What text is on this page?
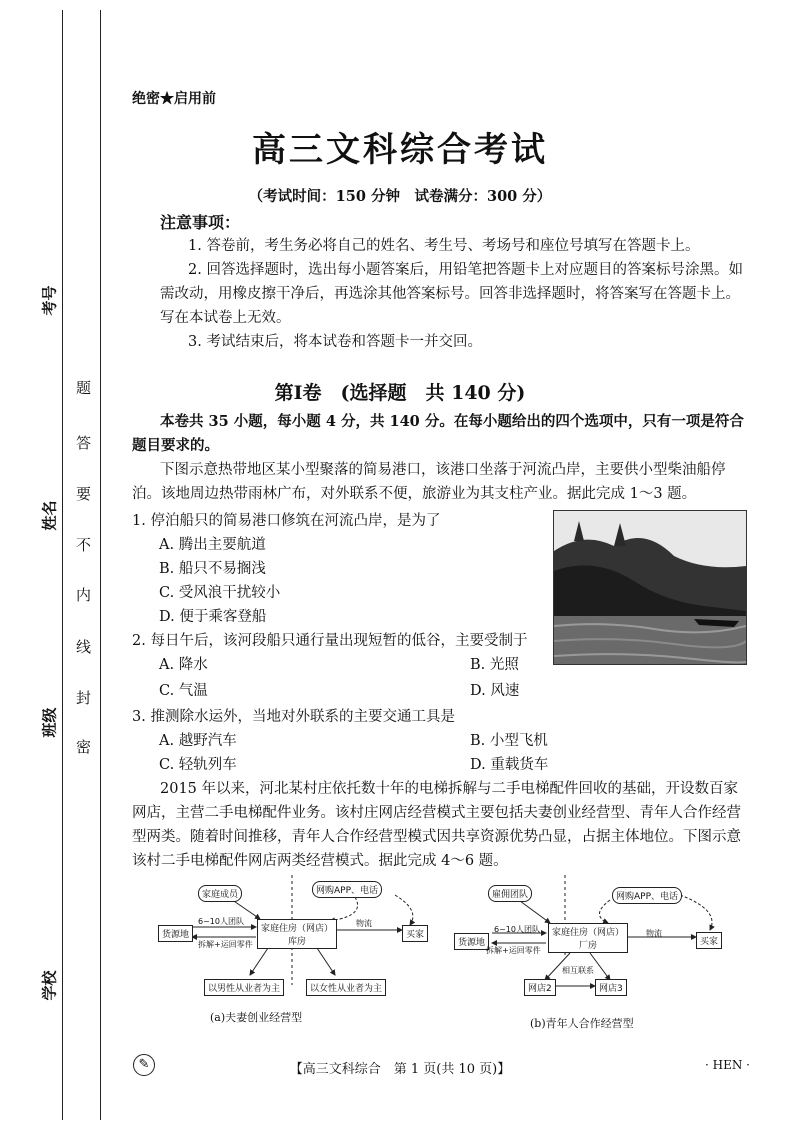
考号
姓名
班级
学校
题
答
要
不
内
线
封
密
绝密★启用前
高三文科综合考试
（考试时间：150 分钟　试卷满分：300 分）
注意事项：

1. 答卷前，考生务必将自己的姓名、考生号、考场号和座位号填写在答题卡上。

2. 回答选择题时，选出每小题答案后，用铅笔把答题卡上对应题目的答案标号涂黑。如需改动，用橡皮擦干净后，再选涂其他答案标号。回答非选择题时，将答案写在答题卡上。写在本试卷上无效。

3. 考试结束后，将本试卷和答题卡一并交回。

第Ⅰ卷　(选择题　共 140 分)
本卷共 35 小题，每小题 4 分，共 140 分。在每小题给出的四个选项中，只有一项是符合题目要求的。
下图示意热带地区某小型聚落的简易港口，该港口坐落于河流凸岸，主要供小型柴油船停泊。该地周边热带雨林广布，对外联系不便，旅游业为其支柱产业。据此完成 1～3 题。
1. 停泊船只的简易港口修筑在河流凸岸，是为了
A. 腾出主要航道
B. 船只不易搁浅
C. 受风浪干扰较小
D. 便于乘客登船
2. 每日午后，该河段船只通行量出现短暂的低谷，主要受制于
A. 降水	B. 光照
C. 气温	D. 风速
3. 推测除水运外，当地对外联系的主要交通工具是
A. 越野汽车	B. 小型飞机
C. 轻轨列车	D. 重载货车
2015 年以来，河北某村庄依托数十年的电梯拆解与二手电梯配件回收的基础，开设数百家网店，主营二手电梯配件业务。该村庄网店经营模式主要包括夫妻创业经营型、青年人合作经营型两类。随着时间推移，青年人合作经营型模式因共享资源优势凸显，占据主体地位。下图示意该村二手电梯配件网店两类经营模式。据此完成 4～6 题。
家庭成员
6~10人团队
货源地
拆解+运回零件
家庭住房（网店）
库房
网购APP、电话
物流
买家
以男性从业者为主	以女性从业者为主
(a)夫妻创业经营型
雇佣团队
6~10人团队
货源地
拆解+运回零件
家庭住房（网店）
厂房
网购APP、电话
物流
买家
相互联系
网店2	网店3
(b)青年人合作经营型
✎	【高三文科综合　第 1 页(共 10 页)】	· HEN ·
